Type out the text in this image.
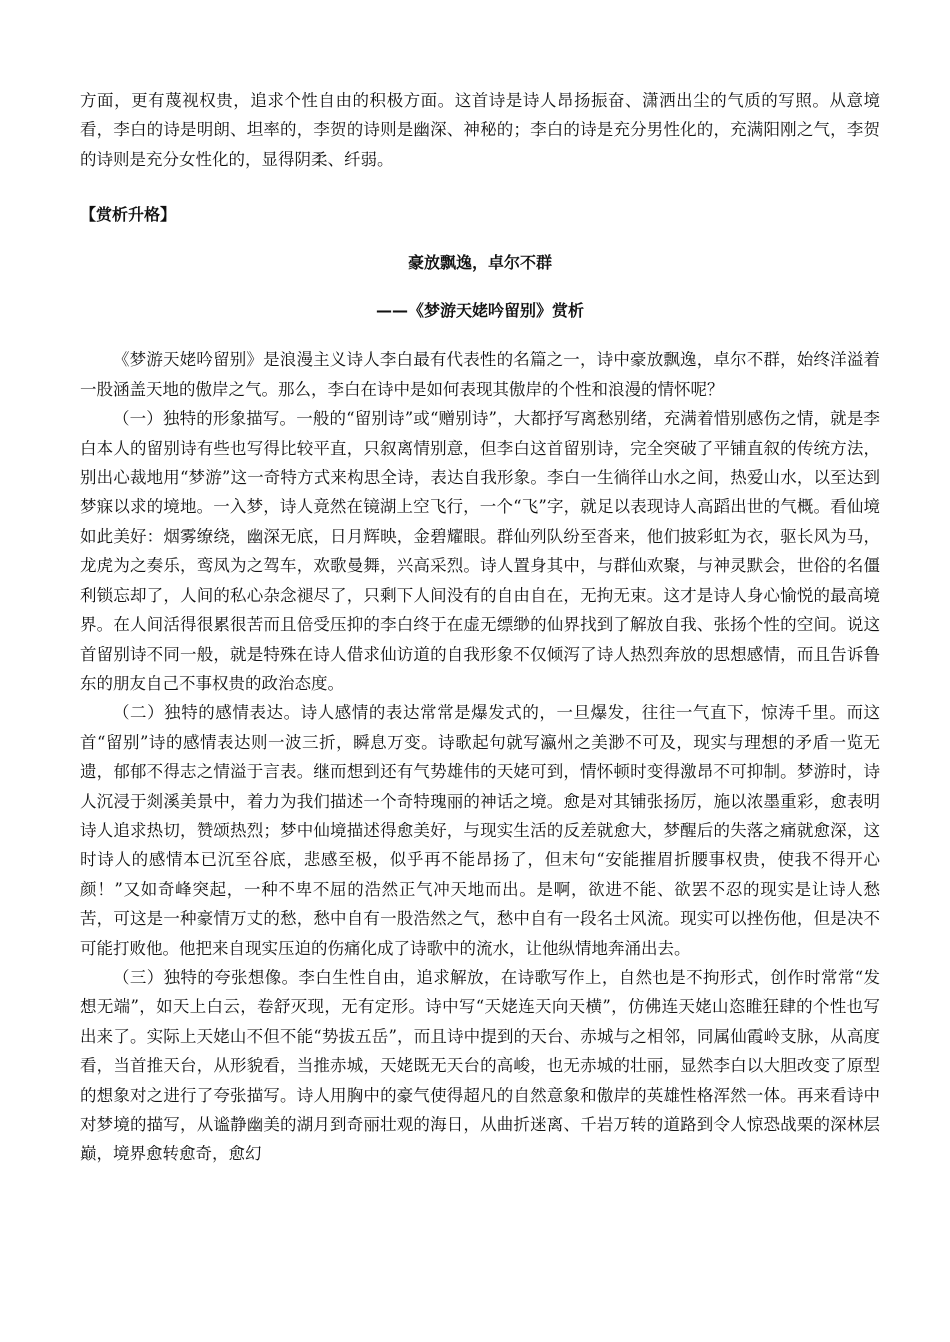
方面，更有蔑视权贵，追求个性自由的积极方面。这首诗是诗人昂扬振奋、潇洒出尘的气质的写照。从意境看，李白的诗是明朗、坦率的，李贺的诗则是幽深、神秘的；李白的诗是充分男性化的，充满阳刚之气，李贺的诗则是充分女性化的，显得阴柔、纤弱。

【赏析升格】

豪放飘逸，卓尔不群

——《梦游天姥吟留别》赏析

《梦游天姥吟留别》是浪漫主义诗人李白最有代表性的名篇之一，诗中豪放飘逸，卓尔不群，始终洋溢着一股涵盖天地的傲岸之气。那么，李白在诗中是如何表现其傲岸的个性和浪漫的情怀呢？

（一）独特的形象描写。一般的“留别诗”或“赠别诗”，大都抒写离愁别绪，充满着惜别感伤之情，就是李白本人的留别诗有些也写得比较平直，只叙离情别意，但李白这首留别诗，完全突破了平铺直叙的传统方法，别出心裁地用“梦游”这一奇特方式来构思全诗，表达自我形象。李白一生徜徉山水之间，热爱山水，以至达到梦寐以求的境地。一入梦，诗人竟然在镜湖上空飞行，一个“飞”字，就足以表现诗人高蹈出世的气概。看仙境如此美好：烟雾缭绕，幽深无底，日月辉映，金碧耀眼。群仙列队纷至沓来，他们披彩虹为衣，驱长风为马，龙虎为之奏乐，鸾凤为之驾车，欢歌曼舞，兴高采烈。诗人置身其中，与群仙欢聚，与神灵默会，世俗的名僵利锁忘却了，人间的私心杂念褪尽了，只剩下人间没有的自由自在，无拘无束。这才是诗人身心愉悦的最高境界。在人间活得很累很苦而且倍受压抑的李白终于在虚无缥缈的仙界找到了解放自我、张扬个性的空间。说这首留别诗不同一般，就是特殊在诗人借求仙访道的自我形象不仅倾泻了诗人热烈奔放的思想感情，而且告诉鲁东的朋友自己不事权贵的政治态度。

（二）独特的感情表达。诗人感情的表达常常是爆发式的，一旦爆发，往往一气直下，惊涛千里。而这首“留别”诗的感情表达则一波三折，瞬息万变。诗歌起句就写瀛州之美渺不可及，现实与理想的矛盾一览无遗，郁郁不得志之情溢于言表。继而想到还有气势雄伟的天姥可到，情怀顿时变得激昂不可抑制。梦游时，诗人沉浸于剡溪美景中，着力为我们描述一个奇特瑰丽的神话之境。愈是对其铺张扬厉，施以浓墨重彩，愈表明诗人追求热切，赞颂热烈；梦中仙境描述得愈美好，与现实生活的反差就愈大，梦醒后的失落之痛就愈深，这时诗人的感情本已沉至谷底，悲感至极，似乎再不能昂扬了，但末句“安能摧眉折腰事权贵，使我不得开心颜！”又如奇峰突起，一种不卑不屈的浩然正气冲天地而出。是啊，欲进不能、欲罢不忍的现实是让诗人愁苦，可这是一种豪情万丈的愁，愁中自有一股浩然之气，愁中自有一段名士风流。现实可以挫伤他，但是决不可能打败他。他把来自现实压迫的伤痛化成了诗歌中的流水，让他纵情地奔涌出去。

（三）独特的夸张想像。李白生性自由，追求解放，在诗歌写作上，自然也是不拘形式，创作时常常“发想无端”，如天上白云，卷舒灭现，无有定形。诗中写“天姥连天向天横”，仿佛连天姥山恣睢狂肆的个性也写出来了。实际上天姥山不但不能“势拔五岳”，而且诗中提到的天台、赤城与之相邻，同属仙霞岭支脉，从高度看，当首推天台，从形貌看，当推赤城，天姥既无天台的高峻，也无赤城的壮丽，显然李白以大胆改变了原型的想象对之进行了夸张描写。诗人用胸中的豪气使得超凡的自然意象和傲岸的英雄性格浑然一体。再来看诗中对梦境的描写，从谧静幽美的湖月到奇丽壮观的海日，从曲折迷离、千岩万转的道路到令人惊恐战栗的深林层巅，境界愈转愈奇，愈幻
